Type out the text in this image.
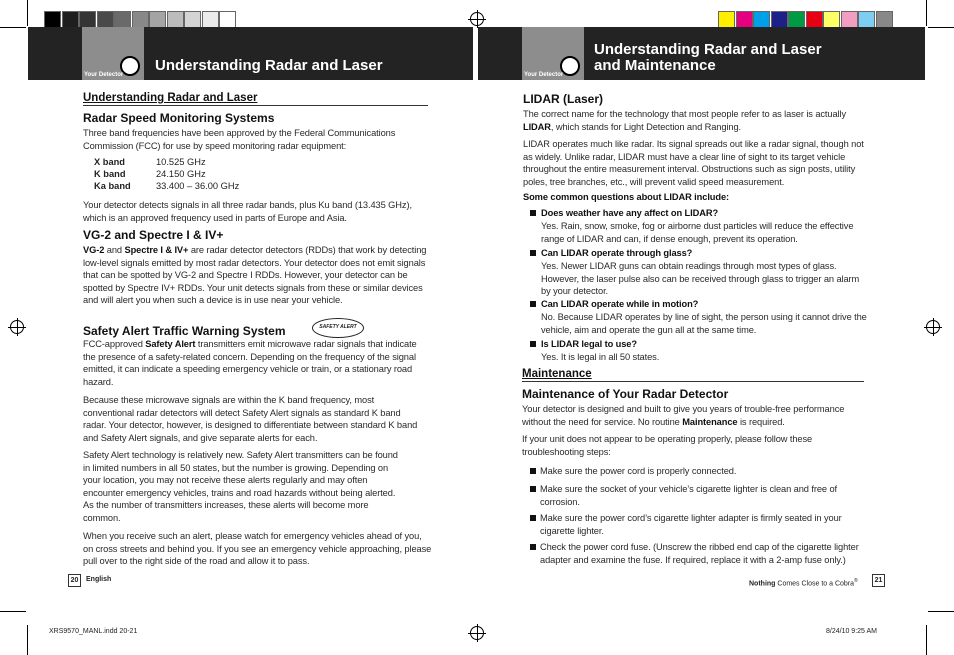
Your Detector
Understanding Radar and Laser
Your Detector
Understanding Radar and Laser
and Maintenance
Understanding Radar and Laser
Radar Speed Monitoring Systems
Three band frequencies have been approved by the Federal Communications Commission (FCC) for use by speed monitoring radar equipment:
X band	10.525 GHz
K band	24.150 GHz
Ka band	33.400 – 36.00 GHz
Your detector detects signals in all three radar bands, plus Ku band (13.435 GHz), which is an approved frequency used in parts of Europe and Asia.
VG-2 and Spectre I & IV+
VG-2 and Spectre I & IV+ are radar detector detectors (RDDs) that work by detecting low-level signals emitted by most radar detectors. Your detector does not emit signals that can be spotted by VG-2 and Spectre I RDDs. However, your detector can be spotted by Spectre IV+ RDDs. Your unit detects signals from these or similar devices and will alert you when such a device is in use near your vehicle.
Safety Alert Traffic Warning System	SAFETY ALERT
FCC-approved Safety Alert transmitters emit microwave radar signals that indicate the presence of a safety-related concern. Depending on the frequency of the signal emitted, it can indicate a speeding emergency vehicle or train, or a stationary road hazard.
Because these microwave signals are within the K band frequency, most conventional radar detectors will detect Safety Alert signals as standard K band radar. Your detector, however, is designed to differentiate between standard K band and Safety Alert signals, and give separate alerts for each.
Safety Alert technology is relatively new. Safety Alert transmitters can be found in limited numbers in all 50 states, but the number is growing. Depending on your location, you may not receive these alerts regularly and may often encounter emergency vehicles, trains and road hazards without being alerted. As the number of transmitters increases, these alerts will become more common.
When you receive such an alert, please watch for emergency vehicles ahead of you, on cross streets and behind you. If you see an emergency vehicle approaching, please pull over to the right side of the road and allow it to pass.
20	English
LIDAR (Laser)
The correct name for the technology that most people refer to as laser is actually LIDAR, which stands for Light Detection and Ranging.
LIDAR operates much like radar. Its signal spreads out like a radar signal, though not as widely. Unlike radar, LIDAR must have a clear line of sight to its target vehicle throughout the entire measurement interval. Obstructions such as sign posts, utility poles, tree branches, etc., will prevent valid speed measurement.
Some common questions about LIDAR include:
Does weather have any affect on LIDAR?
Yes. Rain, snow, smoke, fog or airborne dust particles will reduce the effective range of LIDAR and can, if dense enough, prevent its operation.
Can LIDAR operate through glass?
Yes. Newer LIDAR guns can obtain readings through most types of glass. However, the laser pulse also can be received through glass to trigger an alarm by your detector.
Can LIDAR operate while in motion?
No. Because LIDAR operates by line of sight, the person using it cannot drive the vehicle, aim and operate the gun all at the same time.
Is LIDAR legal to use?
Yes. It is legal in all 50 states.
Maintenance
Maintenance of Your Radar Detector
Your detector is designed and built to give you years of trouble-free performance without the need for service. No routine Maintenance is required.
If your unit does not appear to be operating properly, please follow these troubleshooting steps:
Make sure the power cord is properly connected.
Make sure the socket of your vehicle’s cigarette lighter is clean and free of corrosion.
Make sure the power cord’s cigarette lighter adapter is firmly seated in your cigarette lighter.
Check the power cord fuse. (Unscrew the ribbed end cap of the cigarette lighter adapter and examine the fuse. If required, replace it with a 2-amp fuse only.)
Nothing Comes Close to a Cobra®	21
XRS9570_MANL.indd 20-21	8/24/10 9:25 AM
